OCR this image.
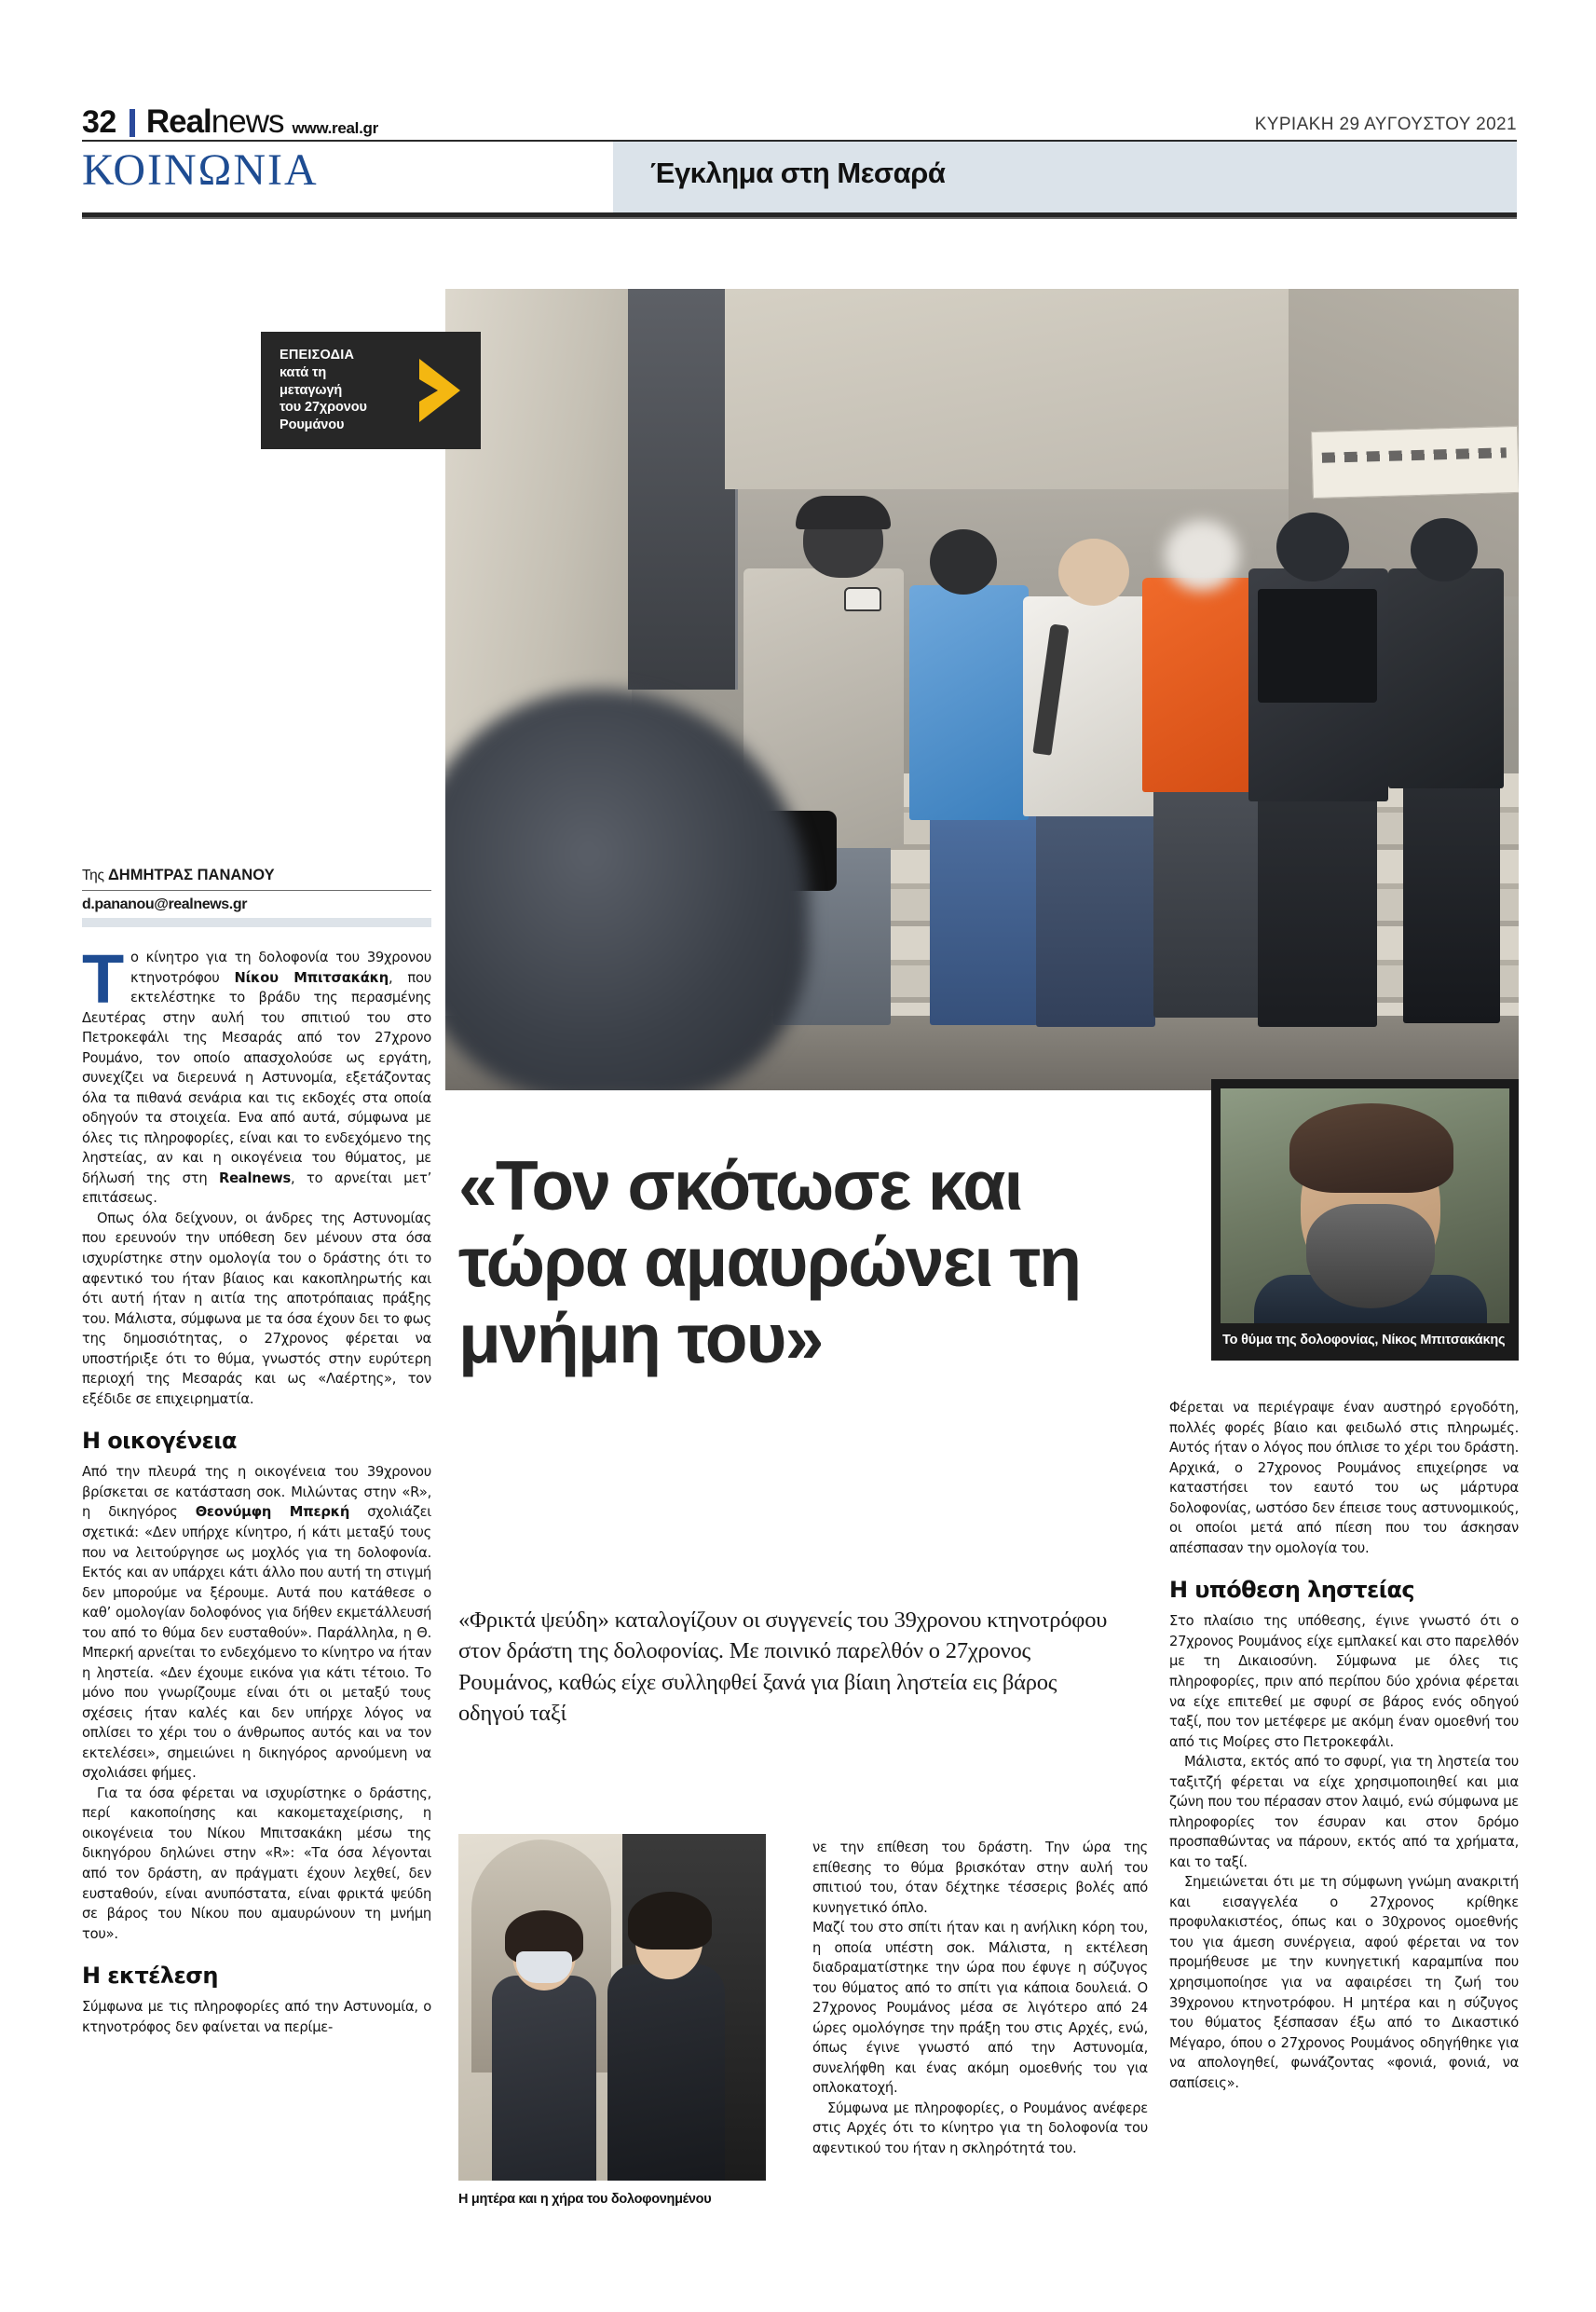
32 Realnews www.real.gr	ΚΥΡΙΑΚΗ 29 ΑΥΓΟΥΣΤΟΥ 2021
ΚΟΙΝΩΝΙΑ	Έγκλημα στη Μεσαρά
ΕΠΕΙΣΟΔΙΑ
κατά τη
μεταγωγή
του 27χρονου
Ρουμάνου
Της ΔΗΜΗΤΡΑΣ ΠΑΝΑΝΟΥ
d.pananou@realnews.gr

Tο κίνητρο για τη δολοφονία του 39χρονου κτηνοτρόφου Νίκου Μπιτσακάκη, που εκτελέστηκε το βράδυ της περασμένης Δευτέρας στην αυλή του σπιτιού του στο Πετροκεφάλι της Μεσαράς από τον 27χρονο Ρουμάνο, τον οποίο απασχολούσε ως εργάτη, συνεχίζει να διερευνά η Αστυνομία, εξετάζοντας όλα τα πιθανά σενάρια και τις εκδοχές στα οποία οδηγούν τα στοιχεία. Ενα από αυτά, σύμφωνα με όλες τις πληροφορίες, είναι και το ενδεχόμενο της ληστείας, αν και η οικογένεια του θύματος, με δήλωσή της στη Realnews, το αρνείται μετ’ επιτάσεως.

Οπως όλα δείχνουν, οι άνδρες της Αστυνομίας που ερευνούν την υπόθεση δεν μένουν στα όσα ισχυρίστηκε στην ομολογία του ο δράστης ότι το αφεντικό του ήταν βίαιος και κακοπληρωτής και ότι αυτή ήταν η αιτία της αποτρόπαιας πράξης του. Μάλιστα, σύμφωνα με τα όσα έχουν δει το φως της δημοσιότητας, ο 27χρονος φέρεται να υποστήριξε ότι το θύμα, γνωστός στην ευρύτερη περιοχή της Μεσαράς και ως «Λαέρτης», τον εξέδιδε σε επιχειρηματία.

Η οικογένεια

Από την πλευρά της η οικογένεια του 39χρονου βρίσκεται σε κατάσταση σοκ. Μιλώντας στην «R», η δικηγόρος Θεονύμφη Μπερκή σχολιάζει σχετικά: «Δεν υπήρχε κίνητρο, ή κάτι μεταξύ τους που να λειτούργησε ως μοχλός για τη δολοφονία. Εκτός και αν υπάρχει κάτι άλλο που αυτή τη στιγμή δεν μπορούμε να ξέρουμε. Αυτά που κατάθεσε ο καθ’ ομολογίαν δολοφόνος για δήθεν εκμετάλλευσή του από το θύμα δεν ευσταθούν». Παράλληλα, η Θ. Μπερκή αρνείται το ενδεχόμενο το κίνητρο να ήταν η ληστεία. «Δεν έχουμε εικόνα για κάτι τέτοιο. Το μόνο που γνωρίζουμε είναι ότι οι μεταξύ τους σχέσεις ήταν καλές και δεν υπήρχε λόγος να οπλίσει το χέρι του ο άνθρωπος αυτός και να τον εκτελέσει», σημειώνει η δικηγόρος αρνούμενη να σχολιάσει φήμες.

Για τα όσα φέρεται να ισχυρίστηκε ο δράστης, περί κακοποίησης και κακομεταχείρισης, η οικογένεια του Νίκου Μπιτσακάκη μέσω της δικηγόρου δηλώνει στην «R»: «Τα όσα λέγονται από τον δράστη, αν πράγματι έχουν λεχθεί, δεν ευσταθούν, είναι ανυπόστατα, είναι φρικτά ψεύδη σε βάρος του Νίκου που αμαυρώνουν τη μνήμη του».

Η εκτέλεση

Σύμφωνα με τις πληροφορίες από την Αστυνομία, ο κτηνοτρόφος δεν φαίνεται να περίμε-

«Τον σκότωσε και τώρα αμαυρώνει τη μνήμη του»	Το θύμα της δολοφονίας, Νίκος Μπιτσακάκης
«Φρικτά ψεύδη» καταλογίζουν οι συγγενείς του 39χρονου κτηνοτρόφου στον δράστη της δολοφονίας. Με ποινικό παρελθόν ο 27χρονος Ρουμάνος, καθώς είχε συλληφθεί ξανά για βίαιη ληστεία εις βάρος οδηγού ταξί

Φέρεται να περιέγραψε έναν αυστηρό εργοδότη, πολλές φορές βίαιο και φειδωλό στις πληρωμές. Αυτός ήταν ο λόγος που όπλισε το χέρι του δράστη. Αρχικά, ο 27χρονος Ρουμάνος επιχείρησε να καταστήσει τον εαυτό του ως μάρτυρα δολοφονίας, ωστόσο δεν έπεισε τους αστυνομικούς, οι οποίοι μετά από πίεση που του άσκησαν απέσπασαν την ομολογία του.

Η υπόθεση ληστείας

Στο πλαίσιο της υπόθεσης, έγινε γνωστό ότι ο 27χρονος Ρουμάνος είχε εμπλακεί και στο παρελθόν με τη Δικαιοσύνη. Σύμφωνα με όλες τις πληροφορίες, πριν από περίπου δύο χρόνια φέρεται να είχε επιτεθεί με σφυρί σε βάρος ενός οδηγού ταξί, που τον μετέφερε με ακόμη έναν ομοεθνή του από τις Μοίρες στο Πετροκεφάλι.

Μάλιστα, εκτός από το σφυρί, για τη ληστεία του ταξιτζή φέρεται να είχε χρησιμοποιηθεί και μια ζώνη που του πέρασαν στον λαιμό, ενώ σύμφωνα με πληροφορίες τον έσυραν και στον δρόμο προσπαθώντας να πάρουν, εκτός από τα χρήματα, και το ταξί.

Σημειώνεται ότι με τη σύμφωνη γνώμη ανακριτή και εισαγγελέα ο 27χρονος κρίθηκε προφυλακιστέος, όπως και ο 30χρονος ομοεθνής του για άμεση συνέργεια, αφού φέρεται να τον προμήθευσε με την κυνηγετική καραμπίνα που χρησιμοποίησε για να αφαιρέσει τη ζωή του 39χρονου κτηνοτρόφου. Η μητέρα και η σύζυγος του θύματος ξέσπασαν έξω από το Δικαστικό Μέγαρο, όπου ο 27χρονος Ρουμάνος οδηγήθηκε για να απολογηθεί, φωνάζοντας «φονιά, φονιά, να σαπίσεις».

νε την επίθεση του δράστη. Την ώρα της επίθεσης το θύμα βρισκόταν στην αυλή του σπιτιού του, όταν δέχτηκε τέσσερις βολές από κυνηγετικό όπλο.

Μαζί του στο σπίτι ήταν και η ανήλικη κόρη του, η οποία υπέστη σοκ. Μάλιστα, η εκτέλεση διαδραματίστηκε την ώρα που έφυγε η σύζυγος του θύματος από το σπίτι για κάποια δουλειά. Ο 27χρονος Ρουμάνος μέσα σε λιγότερο από 24 ώρες ομολόγησε την πράξη του στις Αρχές, ενώ, όπως έγινε γνωστό από την Αστυνομία, συνελήφθη και ένας ακόμη ομοεθνής του για οπλοκατοχή.

Σύμφωνα με πληροφορίες, ο Ρουμάνος ανέφερε στις Αρχές ότι το κίνητρο για τη δολοφονία του αφεντικού του ήταν η σκληρότητά του.

Η μητέρα και η χήρα του δολοφονημένου
